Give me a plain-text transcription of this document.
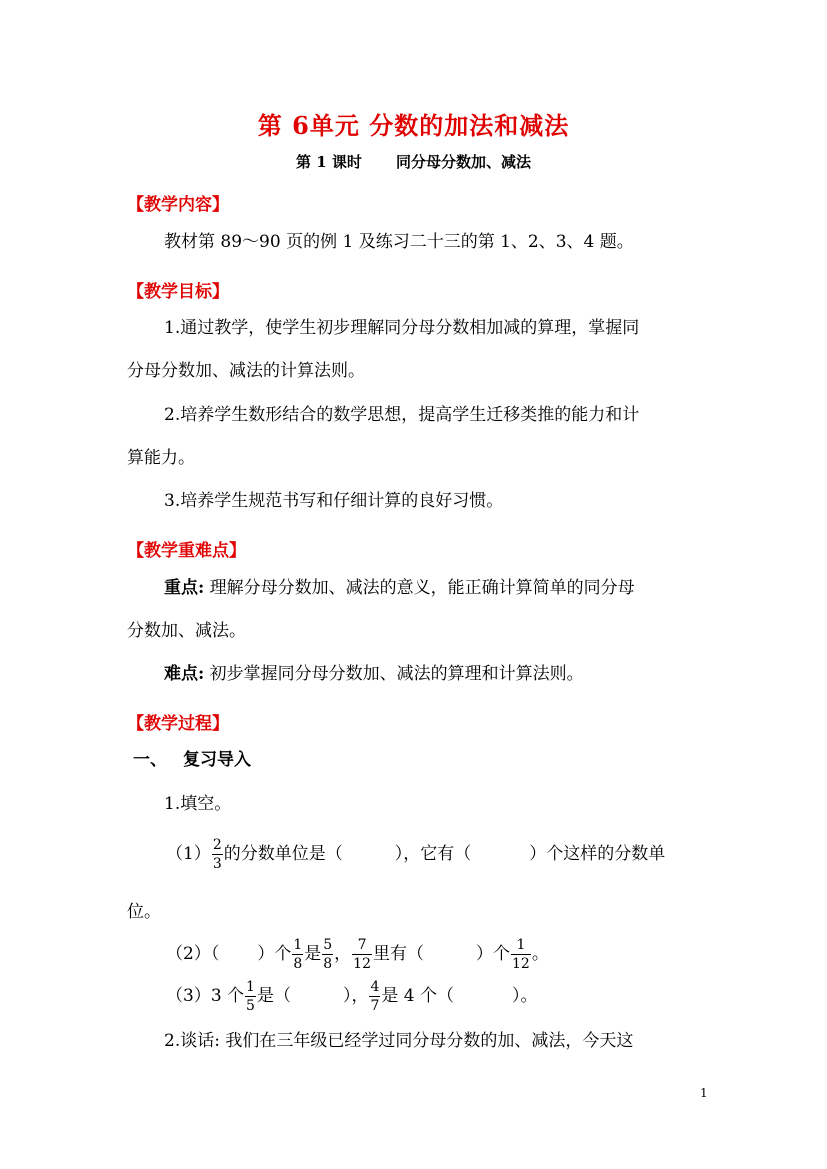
第 6单元 分数的加法和减法
第 1 课时 同分母分数加、减法
【教学内容】
教材第 89～90 页的例 1 及练习二十三的第 1、2、3、4 题。
【教学目标】
1.通过教学，使学生初步理解同分母分数相加减的算理，掌握同
分母分数加、减法的计算法则。
2.培养学生数形结合的数学思想，提高学生迁移类推的能力和计
算能力。
3.培养学生规范书写和仔细计算的良好习惯。
【教学重难点】
重点: 理解分母分数加、减法的意义，能正确计算简单的同分母
分数加、减法。
难点: 初步掌握同分母分数加、减法的算理和计算法则。
【教学过程】
一、 复习导入
1.填空。
$(1) \frac{2}{3}$ 的分数单位是（	），它有（	）个这样的分数单
位。
（2）（ ）个 $\frac{1}{8}$ 是 $\frac{5}{8}$ ， $\frac{7}{12}$ 里有（	）个 $\frac{1}{12}$ 。
（3）3 个 $\frac{1}{5}$ 是（	）， $\frac{4}{7}$ 是 4 个（	）。
2.谈话: 我们在三年级已经学过同分母分数的加、减法，今天这
1
